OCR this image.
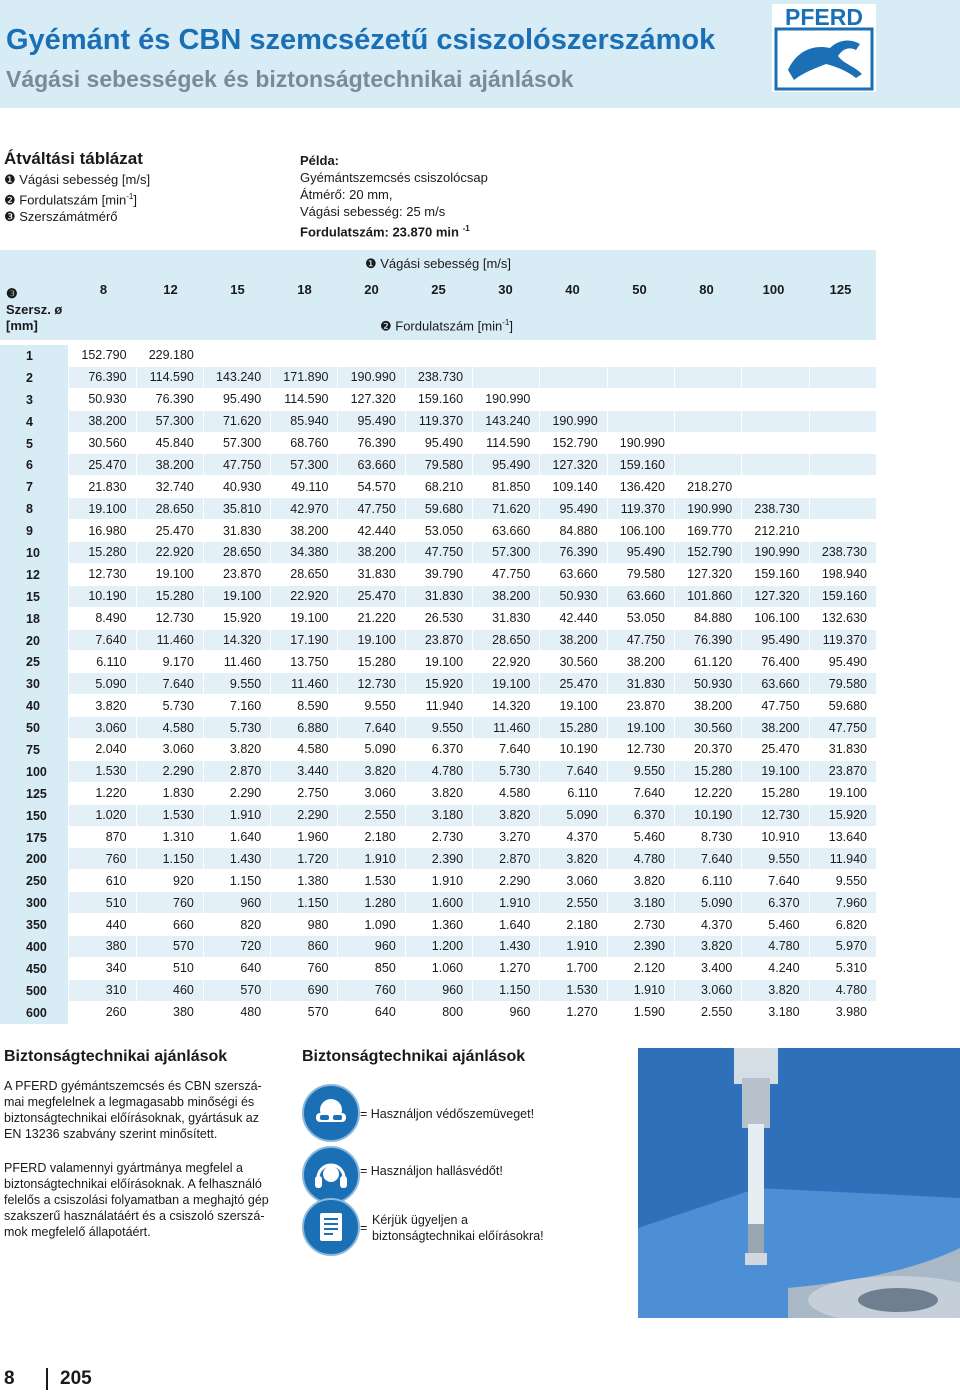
Gyémánt és CBN szemcsézetű csiszolószerszámok
Vágási sebességek és biztonságtechnikai ajánlások
PFERD
Átváltási táblázat
❶ Vágási sebesség [m/s]
❷ Fordulatszám $[\min^{-1}]$
❸ Szerszámátmérő
Példa:
Gyémántszemcsés csiszolócsap
Átmérő: 20 mm,
Vágási sebesség: 25 m/s
Fordulatszám: 23.870 min $^{-1}$
❶ Vágási sebesség [m/s]
❸
Szersz. ø
[mm]
8	12	15	18	20	25	30	40	50	80	100	125
❷ Fordulatszám $[\min^{-1}]$
1	152.790	229.180										
2	76.390	114.590	143.240	171.890	190.990	238.730						
3	50.930	76.390	95.490	114.590	127.320	159.160	190.990					
4	38.200	57.300	71.620	85.940	95.490	119.370	143.240	190.990				
5	30.560	45.840	57.300	68.760	76.390	95.490	114.590	152.790	190.990			
6	25.470	38.200	47.750	57.300	63.660	79.580	95.490	127.320	159.160			
7	21.830	32.740	40.930	49.110	54.570	68.210	81.850	109.140	136.420	218.270		
8	19.100	28.650	35.810	42.970	47.750	59.680	71.620	95.490	119.370	190.990	238.730	
9	16.980	25.470	31.830	38.200	42.440	53.050	63.660	84.880	106.100	169.770	212.210	
10	15.280	22.920	28.650	34.380	38.200	47.750	57.300	76.390	95.490	152.790	190.990	238.730
12	12.730	19.100	23.870	28.650	31.830	39.790	47.750	63.660	79.580	127.320	159.160	198.940
15	10.190	15.280	19.100	22.920	25.470	31.830	38.200	50.930	63.660	101.860	127.320	159.160
18	8.490	12.730	15.920	19.100	21.220	26.530	31.830	42.440	53.050	84.880	106.100	132.630
20	7.640	11.460	14.320	17.190	19.100	23.870	28.650	38.200	47.750	76.390	95.490	119.370
25	6.110	9.170	11.460	13.750	15.280	19.100	22.920	30.560	38.200	61.120	76.400	95.490
30	5.090	7.640	9.550	11.460	12.730	15.920	19.100	25.470	31.830	50.930	63.660	79.580
40	3.820	5.730	7.160	8.590	9.550	11.940	14.320	19.100	23.870	38.200	47.750	59.680
50	3.060	4.580	5.730	6.880	7.640	9.550	11.460	15.280	19.100	30.560	38.200	47.750
75	2.040	3.060	3.820	4.580	5.090	6.370	7.640	10.190	12.730	20.370	25.470	31.830
100	1.530	2.290	2.870	3.440	3.820	4.780	5.730	7.640	9.550	15.280	19.100	23.870
125	1.220	1.830	2.290	2.750	3.060	3.820	4.580	6.110	7.640	12.220	15.280	19.100
150	1.020	1.530	1.910	2.290	2.550	3.180	3.820	5.090	6.370	10.190	12.730	15.920
175	870	1.310	1.640	1.960	2.180	2.730	3.270	4.370	5.460	8.730	10.910	13.640
200	760	1.150	1.430	1.720	1.910	2.390	2.870	3.820	4.780	7.640	9.550	11.940
250	610	920	1.150	1.380	1.530	1.910	2.290	3.060	3.820	6.110	7.640	9.550
300	510	760	960	1.150	1.280	1.600	1.910	2.550	3.180	5.090	6.370	7.960
350	440	660	820	980	1.090	1.360	1.640	2.180	2.730	4.370	5.460	6.820
400	380	570	720	860	960	1.200	1.430	1.910	2.390	3.820	4.780	5.970
450	340	510	640	760	850	1.060	1.270	1.700	2.120	3.400	4.240	5.310
500	310	460	570	690	760	960	1.150	1.530	1.910	3.060	3.820	4.780
600	260	380	480	570	640	800	960	1.270	1.590	2.550	3.180	3.980
Biztonságtechnikai ajánlások
A PFERD gyémántszemcsés és CBN szerszá-
mai megfelelnek a legmagasabb minőségi és
biztonságtechnikai előírásoknak, gyártásuk az
EN 13236 szabvány szerint minősített.
PFERD valamennyi gyártmánya megfelel a
biztonságtechnikai előírásoknak. A felhasználó
felelős a csiszolási folyamatban a meghajtó gép
szakszerű használatáért és a csiszoló szerszá-
mok megfelelő állapotáért.
Biztonságtechnikai ajánlások
= Használjon védőszemüveget!
= Használjon hallásvédőt!
=
Kérjük ügyeljen a
biztonságtechnikai előírásokra!
8 205
